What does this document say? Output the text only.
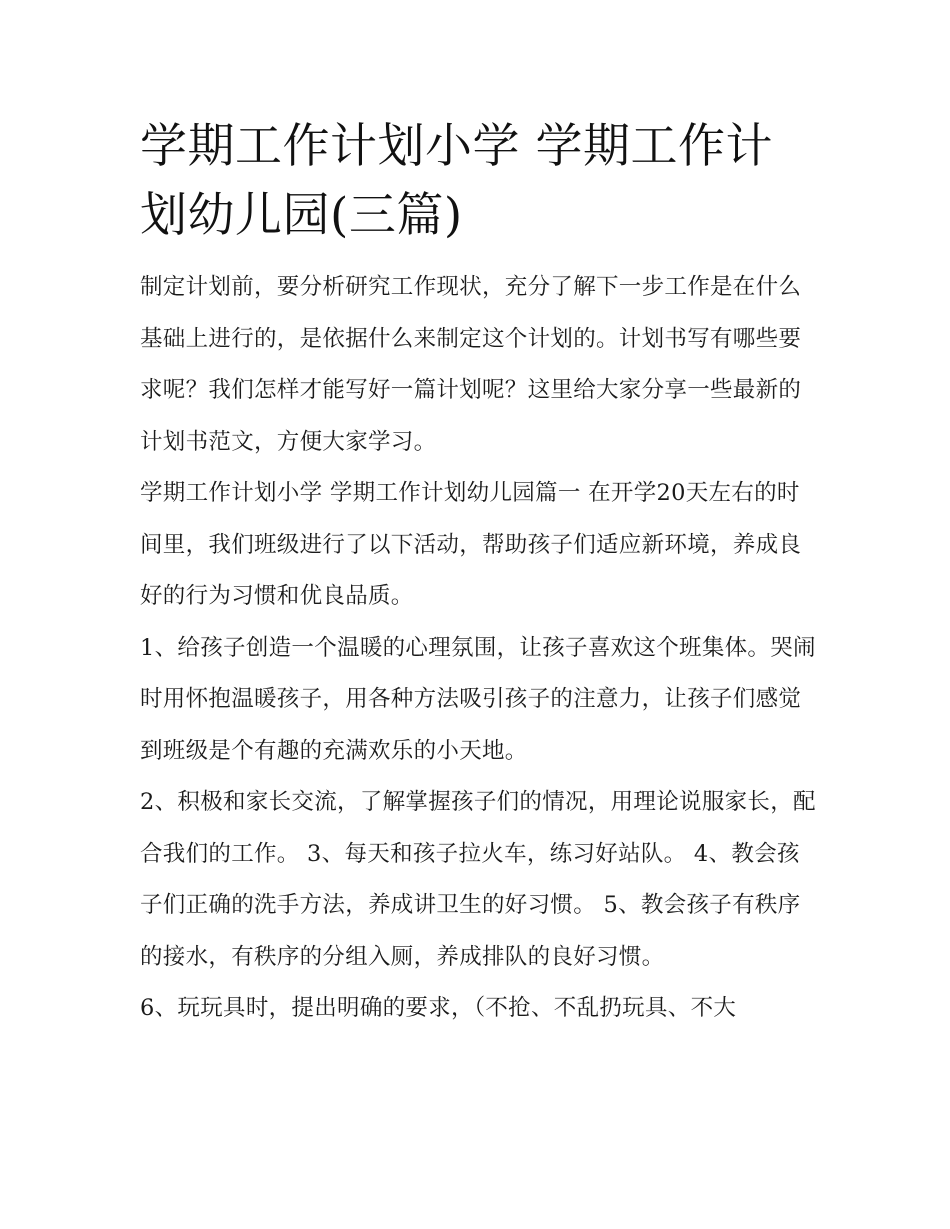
学期工作计划小学 学期工作计划幼儿园(三篇)

制定计划前，要分析研究工作现状，充分了解下一步工作是在什么基础上进行的，是依据什么来制定这个计划的。计划书写有哪些要求呢？我们怎样才能写好一篇计划呢？这里给大家分享一些最新的计划书范文，方便大家学习。

学期工作计划小学 学期工作计划幼儿园篇一 在开学20天左右的时间里，我们班级进行了以下活动，帮助孩子们适应新环境，养成良好的行为习惯和优良品质。

1、给孩子创造一个温暖的心理氛围，让孩子喜欢这个班集体。哭闹时用怀抱温暖孩子，用各种方法吸引孩子的注意力，让孩子们感觉到班级是个有趣的充满欢乐的小天地。

2、积极和家长交流，了解掌握孩子们的情况，用理论说服家长，配合我们的工作。 3、每天和孩子拉火车，练习好站队。 4、教会孩子们正确的洗手方法，养成讲卫生的好习惯。 5、教会孩子有秩序的接水，有秩序的分组入厕，养成排队的良好习惯。

6、玩玩具时，提出明确的要求，（不抢、不乱扔玩具、不大
